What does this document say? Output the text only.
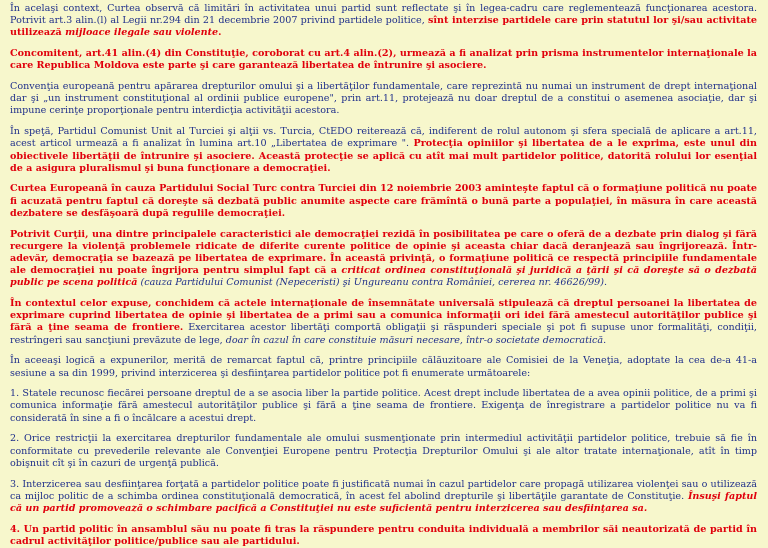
În acelaşi context, Curtea observă că limitări în activitatea unui partid sunt reflectate şi în legea-cadru care reglementează funcţionarea acestora. Potrivit art.3 alin.(l) al Legii nr.294 din 21 decembrie 2007 privind partidele politice, sînt interzise partidele care prin statutul lor şi/sau activitate utilizează mijloace ilegale sau violente.

Concomitent, art.41 alin.(4) din Constituţie, coroborat cu art.4 alin.(2), urmează a fi analizat prin prisma instrumentelor internaţionale la care Republica Moldova este parte şi care garantează libertatea de întrunire şi asociere.

Convenţia europeană pentru apărarea drepturilor omului şi a libertăţilor fundamentale, care reprezintă nu numai un instrument de drept internaţional dar şi „un instrument constituţional al ordinii publice europene", prin art.11, protejează nu doar dreptul de a constitui o asemenea asociaţie, dar şi impune cerinţe proporţionale pentru interdicţia activităţii acestora.

În speţă, Partidul Comunist Unit al Turciei şi alţii vs. Turcia, CtEDO reiterează că, indiferent de rolul autonom şi sfera specială de aplicare a art.11, acest articol urmează a fi analizat în lumina art.10 „Libertatea de exprimare ". Protecţia opiniilor şi libertatea de a le exprima, este unul din obiectivele libertăţii de întrunire şi asociere. Această protecţie se aplică cu atît mai mult partidelor politice, datorită rolului lor esenţial de a asigura pluralismul şi buna funcţionare a democraţiei.

Curtea Europeană în cauza Partidului Social Turc contra Turciei din 12 noiembrie 2003 aminteşte faptul că o formaţiune politică nu poate fi acuzată pentru faptul că doreşte să dezbată public anumite aspecte care frămîntă o bună parte a populaţiei, în măsura în care această dezbatere se desfăşoară după regulile democraţiei.

Potrivit Curţii, una dintre principalele caracteristici ale democraţiei rezidă în posibilitatea pe care o oferă de a dezbate prin dialog şi fără recurgere la violenţă problemele ridicate de diferite curente politice de opinie şi aceasta chiar dacă deranjează sau îngrijorează. Într-adevăr, democraţia se bazează pe libertatea de exprimare. În această privinţă, o formaţiune politică ce respectă principiile fundamentale ale democraţiei nu poate îngrijora pentru simplul fapt că a criticat ordinea constituţională şi juridică a ţării şi că doreşte să o dezbată public pe scena politică (cauza Partidului Comunist (Nepeceristi) şi Ungureanu contra României, cererea nr. 46626/99).

În contextul celor expuse, conchidem că actele internaţionale de însemnătate universală stipulează că dreptul persoanei la libertatea de exprimare cuprind libertatea de opinie şi libertatea de a primi sau a comunica informaţii ori idei fără amestecul autorităţilor publice şi fără a ţine seama de frontiere. Exercitarea acestor libertăţi comportă obligaţii şi răspunderi speciale şi pot fi supuse unor formalităţi, condiţii, restrîngeri sau sancţiuni prevăzute de lege, doar în cazul în care constituie măsuri necesare, într-o societate democratică.

În aceeaşi logică a expunerilor, merită de remarcat faptul că, printre principiile călăuzitoare ale Comisiei de la Veneţia, adoptate la cea de-a 41-a sesiune a sa din 1999, privind interzicerea şi desfiinţarea partidelor politice pot fi enumerate următoarele:

1. Statele recunosc fiecărei persoane dreptul de a se asocia liber la partide politice. Acest drept include libertatea de a avea opinii politice, de a primi şi comunica informaţie fără amestecul autorităţilor publice şi fără a ţine seama de frontiere. Exigenţa de înregistrare a partidelor politice nu va fi considerată în sine a fi o încălcare a acestui drept.

2. Orice restricţii la exercitarea drepturilor fundamentale ale omului susmenţionate prin intermediul activităţii partidelor politice, trebuie să fie în conformitate cu prevederile relevante ale Convenţiei Europene pentru Protecţia Drepturilor Omului şi ale altor tratate internaţionale, atît în timp obişnuit cît şi în cazuri de urgenţă publică.

3. Interzicerea sau desfiinţarea forţată a partidelor politice poate fi justificată numai în cazul partidelor care propagă utilizarea violenţei sau o utilizează ca mijloc politic de a schimba ordinea constituţională democratică, în acest fel abolind drepturile şi libertăţile garantate de Constituţie. Însuşi faptul că un partid promovează o schimbare pacifică a Constituţiei nu este suficientă pentru interzicerea sau desfiinţarea sa.

4. Un partid politic în ansamblul său nu poate fi tras la răspundere pentru conduita individuală a membrilor săi neautorizată de partid în cadrul activităţilor politice/publice sau ale partidului.
